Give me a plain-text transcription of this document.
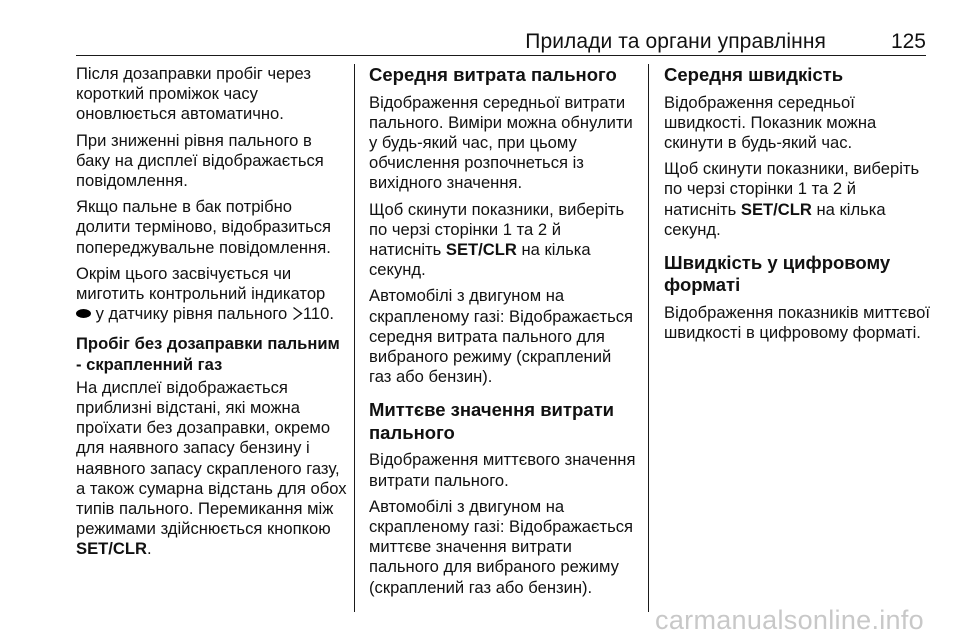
Прилади та органи управління	125

Після дозаправки пробіг через короткий проміжок часу оновлюється автоматично.

При зниженні рівня пального в баку на дисплеї відображається повідомлення.

Якщо пальне в бак потрібно долити терміново, відобразиться попереджувальне повідомлення.

Окрім цього засвічується чи миготить контрольний індикатор
у датчику рівня пального 110.

Пробіг без дозаправки пальним - скрапленний газ

На дисплеї відображається приблизні відстані, які можна проїхати без дозаправки, окремо для наявного запасу бензину і наявного запасу скрапленого газу, а також сумарна відстань для обох типів пального. Перемикання між режимами здійснюється кнопкою SET/CLR.

Середня витрата пального

Відображення середньої витрати пального. Виміри можна обнулити у будь-який час, при цьому обчислення розпочнеться із вихідного значення.

Щоб скинути показники, виберіть по черзі сторінки 1 та 2 й натисніть SET/CLR на кілька секунд.

Автомобілі з двигуном на скрапленому газі: Відображається середня витрата пального для вибраного режиму (скраплений газ або бензин).

Миттєве значення витрати пального

Відображення миттєвого значення витрати пального.

Автомобілі з двигуном на скрапленому газі: Відображається миттєве значення витрати пального для вибраного режиму (скраплений газ або бензин).

Середня швидкість

Відображення середньої швидкості. Показник можна скинути в будь-який час.

Щоб скинути показники, виберіть по черзі сторінки 1 та 2 й натисніть SET/CLR на кілька секунд.

Швидкість у цифровому форматі

Відображення показників миттєвої швидкості в цифровому форматі.

carmanualsonline.info
